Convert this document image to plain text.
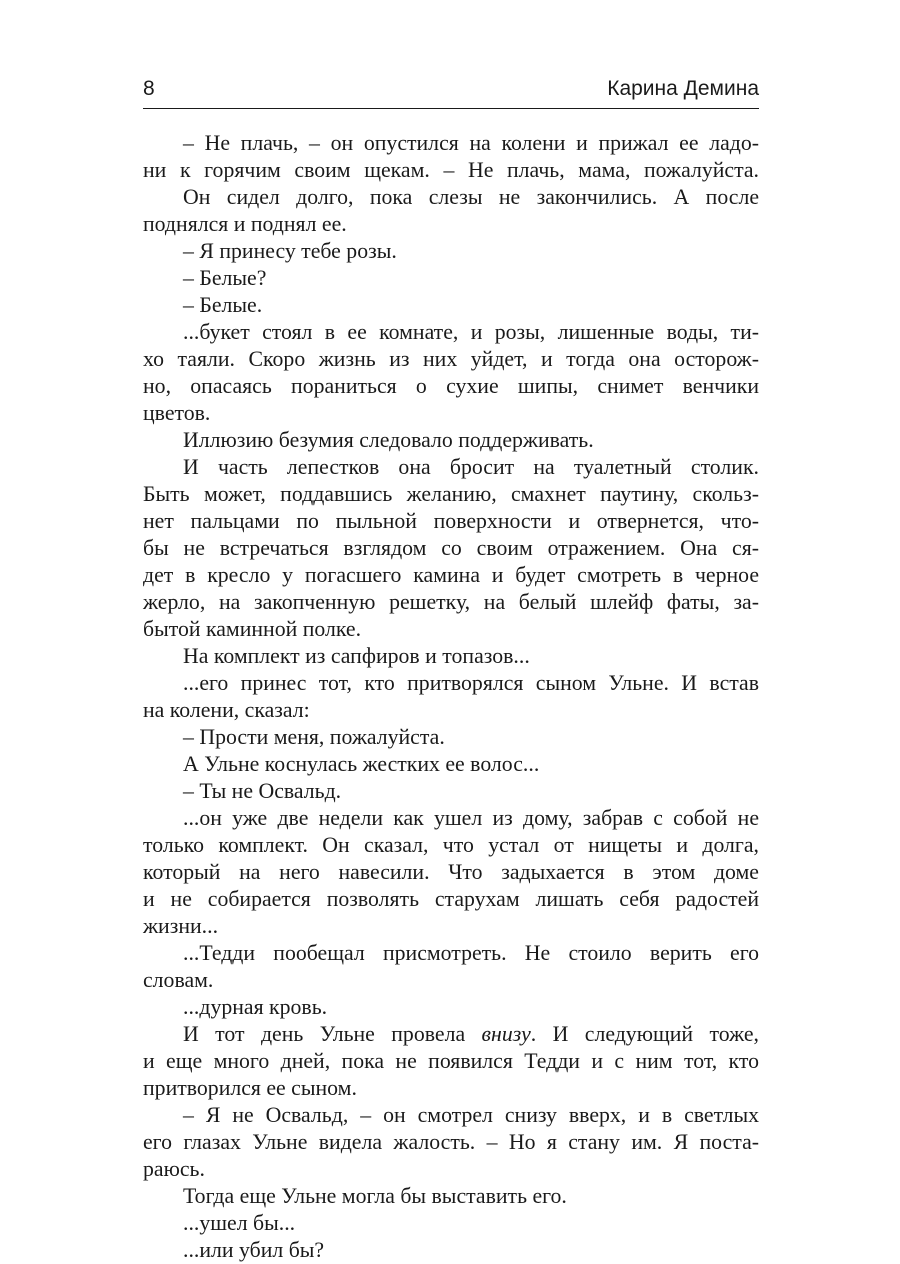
8	Карина Демина
– Не плачь, – он опустился на колени и прижал ее ладо-
ни к горячим своим щекам. – Не плачь, мама, пожалуйста.
Он сидел долго, пока слезы не закончились. А после
поднялся и поднял ее.
– Я принесу тебе розы.
– Белые?
– Белые.
...букет стоял в ее комнате, и розы, лишенные воды, ти-
хо таяли. Скоро жизнь из них уйдет, и тогда она осторож-
но, опасаясь пораниться о сухие шипы, снимет венчики
цветов.
Иллюзию безумия следовало поддерживать.
И часть лепестков она бросит на туалетный столик.
Быть может, поддавшись желанию, смахнет паутину, скольз-
нет пальцами по пыльной поверхности и отвернется, что-
бы не встречаться взглядом со своим отражением. Она ся-
дет в кресло у погасшего камина и будет смотреть в черное
жерло, на закопченную решетку, на белый шлейф фаты, за-
бытой каминной полке.
На комплект из сапфиров и топазов...
...его принес тот, кто притворялся сыном Ульне. И встав
на колени, сказал:
– Прости меня, пожалуйста.
А Ульне коснулась жестких ее волос...
– Ты не Освальд.
...он уже две недели как ушел из дому, забрав с собой не
только комплект. Он сказал, что устал от нищеты и долга,
который на него навесили. Что задыхается в этом доме
и не собирается позволять старухам лишать себя радостей
жизни...
...Тедди пообещал присмотреть. Не стоило верить его
словам.
...дурная кровь.
И тот день Ульне провела внизу. И следующий тоже,
и еще много дней, пока не появился Тедди и с ним тот, кто
притворился ее сыном.
– Я не Освальд, – он смотрел снизу вверх, и в светлых
его глазах Ульне видела жалость. – Но я стану им. Я поста-
раюсь.
Тогда еще Ульне могла бы выставить его.
...ушел бы...
...или убил бы?
